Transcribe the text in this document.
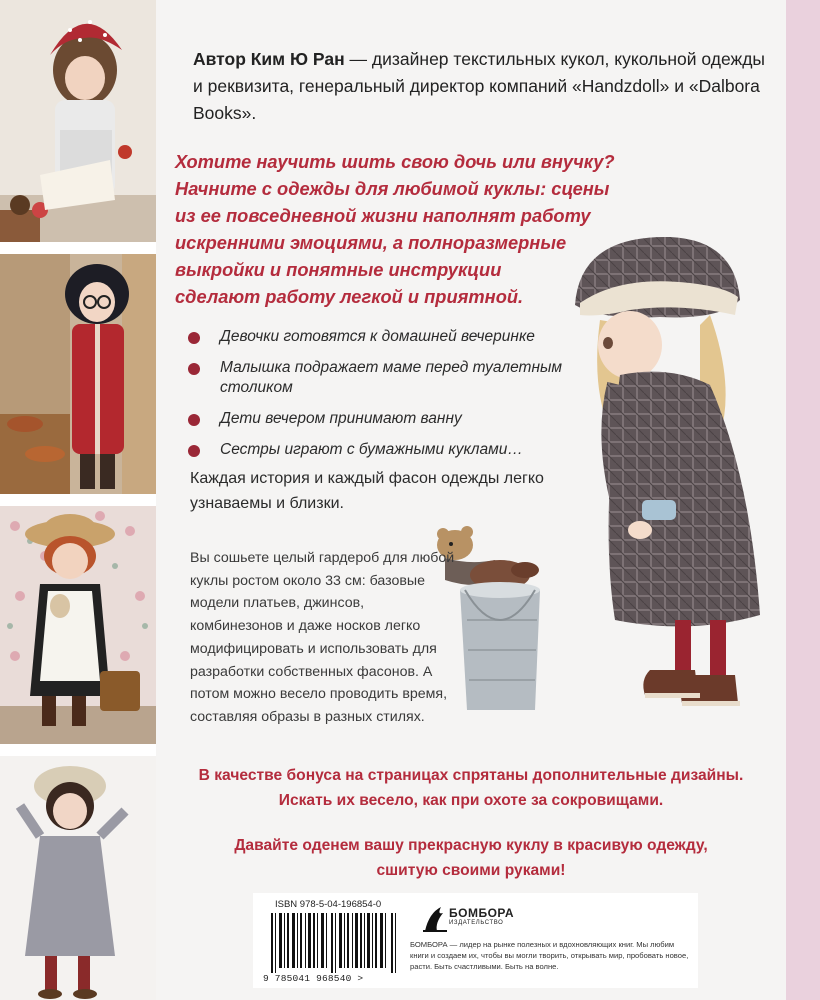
Автор Ким Ю Ран — дизайнер текстильных кукол, кукольной одежды и реквизита, генеральный директор компаний «Handzdoll» и «Dalbora Books».
Хотите научить шить свою дочь или внучку?
Начните с одежды для любимой куклы: сцены
из ее повседневной жизни наполнят работу
искренними эмоциями, а полноразмерные
выкройки и понятные инструкции
сделают работу легкой и приятной.
Девочки готовятся к домашней вечеринке
Малышка подражает маме перед туалетным столиком
Дети вечером принимают ванну
Сестры играют с бумажными куклами…
Каждая история и каждый фасон одежды легко узнаваемы и близки.
Вы сошьете целый гардероб для любой куклы ростом около 33 см: базовые модели платьев, джинсов, комбинезонов и даже носков легко модифицировать и использовать для разработки собственных фасонов. А потом можно весело проводить время, составляя образы в разных стилях.
В качестве бонуса на страницах спрятаны дополнительные дизайны.
Искать их весело, как при охоте за сокровищами.
Давайте оденем вашу прекрасную куклу в красивую одежду,
сшитую своими руками!
ISBN 978-5-04-196854-0
9 785041 968540 >
БОМБОРА
ИЗДАТЕЛЬСТВО
БОМБОРА — лидер на рынке полезных и вдохновляющих книг. Мы любим книги и создаем их, чтобы вы могли творить, открывать мир, пробовать новое, расти. Быть счастливыми. Быть на волне.
